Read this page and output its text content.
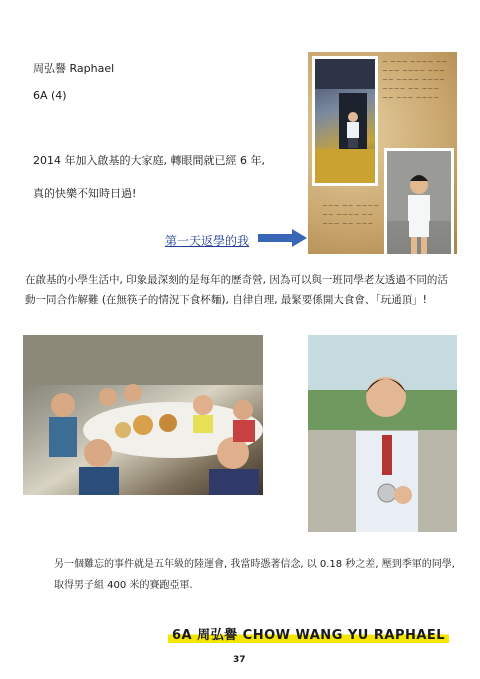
周弘譽 Raphael
6A (4)
2014 年加入啟基的大家庭, 轉眼間就已經 6 年,
真的快樂不知時日過!
~ ~~~ ~~~~ ~~
~~~ ~~~~ ~~~
~~ ~~~~ ~~~~
~~~~ ~~ ~~~
~~ ~~~ ~~~~
~~~ ~~ ~~~~
~~ ~~~~ ~~
~~~ ~~ ~~~
第一天返學的我
在啟基的小學生活中, 印象最深刻的是每年的歷奇營, 因為可以與一班同學老友透過不同的活動一同合作解難 (在無筷子的情況下食杯麵), 自律自理, 最緊要係開大食會、「玩通頂」!
另一個難忘的事件就是五年級的陸運會, 我當時憑著信念, 以 0.18 秒之差, 壓到季軍的同學, 取得男子組 400 米的賽跑亞軍.
6A 周弘譽 CHOW WANG YU RAPHAEL
37
